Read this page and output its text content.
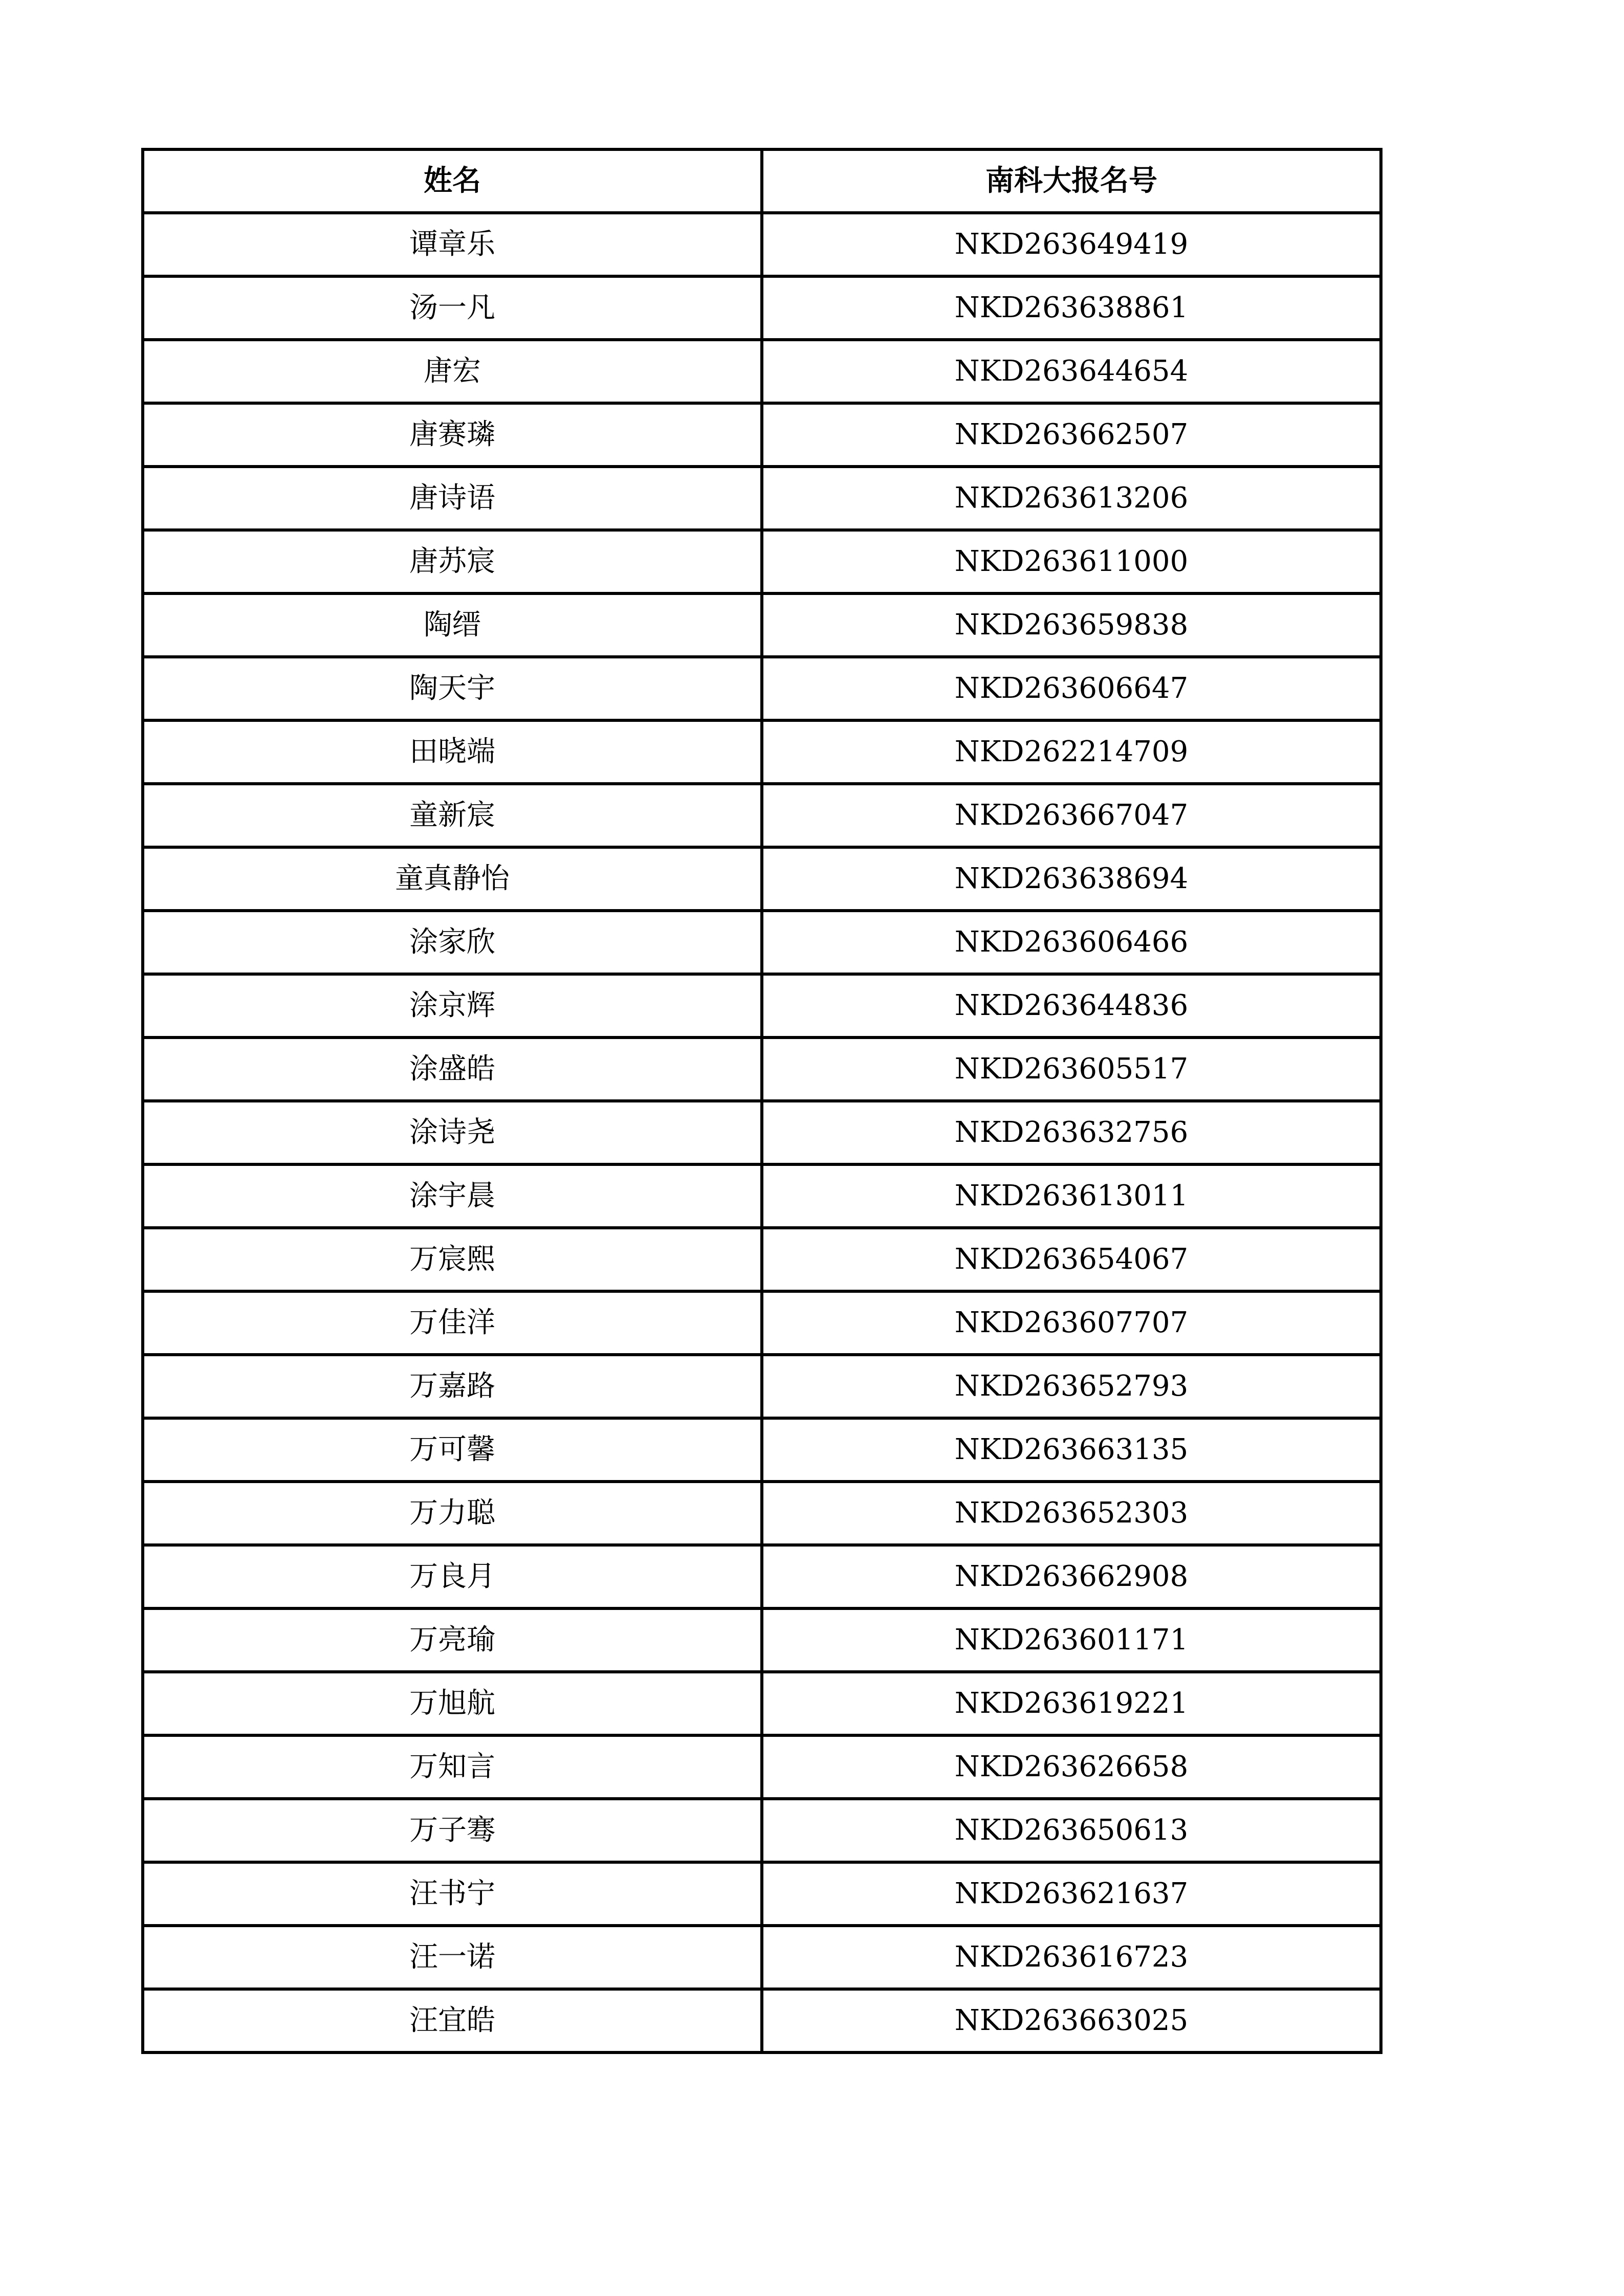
姓名	南科大报名号
谭章乐	NKD263649419
汤一凡	NKD263638861
唐宏	NKD263644654
唐赛璘	NKD263662507
唐诗语	NKD263613206
唐苏宸	NKD263611000
陶缙	NKD263659838
陶天宇	NKD263606647
田晓端	NKD262214709
童新宸	NKD263667047
童真静怡	NKD263638694
涂家欣	NKD263606466
涂京辉	NKD263644836
涂盛皓	NKD263605517
涂诗尧	NKD263632756
涂宇晨	NKD263613011
万宸熙	NKD263654067
万佳洋	NKD263607707
万嘉路	NKD263652793
万可馨	NKD263663135
万力聪	NKD263652303
万良月	NKD263662908
万亮瑜	NKD263601171
万旭航	NKD263619221
万知言	NKD263626658
万子骞	NKD263650613
汪书宁	NKD263621637
汪一诺	NKD263616723
汪宜皓	NKD263663025
